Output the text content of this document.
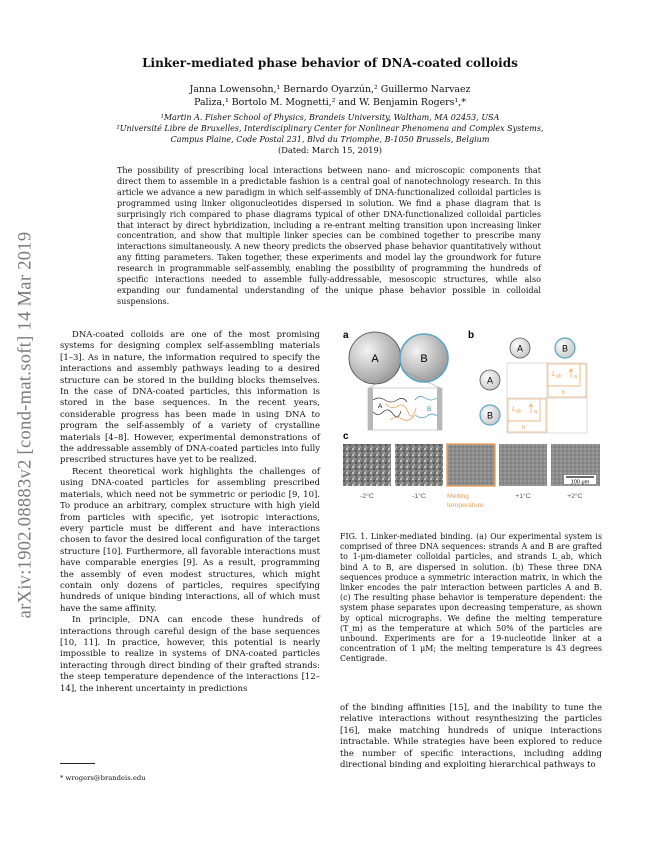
arXiv:1902.08883v2 [cond-mat.soft] 14 Mar 2019
Linker-mediated phase behavior of DNA-coated colloids
Janna Lowensohn,¹ Bernardo Oyarzún,² Guillermo Narvaez
Paliza,¹ Bortolo M. Mognetti,² and W. Benjamin Rogers¹,*
¹Martin A. Fisher School of Physics, Brandeis University, Waltham, MA 02453, USA
²Université Libre de Bruxelles, Interdisciplinary Center for Nonlinear Phenomena and Complex Systems,
Campus Plaine, Code Postal 231, Blvd du Triomphe, B-1050 Brussels, Belgium
(Dated: March 15, 2019)
The possibility of prescribing local interactions between nano- and microscopic components that direct them to assemble in a predictable fashion is a central goal of nanotechnology research. In this article we advance a new paradigm in which self-assembly of DNA-functionalized colloidal particles is programmed using linker oligonucleotides dispersed in solution. We find a phase diagram that is surprisingly rich compared to phase diagrams typical of other DNA-functionalized colloidal particles that interact by direct hybridization, including a re-entrant melting transition upon increasing linker concentration, and show that multiple linker species can be combined together to prescribe many interactions simultaneously. A new theory predicts the observed phase behavior quantitatively without any fitting parameters. Taken together, these experiments and model lay the groundwork for future research in programmable self-assembly, enabling the possibility of programming the hundreds of specific interactions needed to assemble fully-addressable, mesoscopic structures, while also expanding our fundamental understanding of the unique phase behavior possible in colloidal suspensions.

DNA-coated colloids are one of the most promising systems for designing complex self-assembling materials [1–3]. As in nature, the information required to specify the interactions and assembly pathways leading to a desired structure can be stored in the building blocks themselves. In the case of DNA-coated particles, this information is stored in the base sequences. In the recent years, considerable progress has been made in using DNA to program the self-assembly of a variety of crystalline materials [4–8]. However, experimental demonstrations of the addressable assembly of DNA-coated particles into fully prescribed structures have yet to be realized.

Recent theoretical work highlights the challenges of using DNA-coated particles for assembling prescribed materials, which need not be symmetric or periodic [9, 10]. To produce an arbitrary, complex structure with high yield from particles with specific, yet isotropic interactions, every particle must be different and have interactions chosen to favor the desired local configuration of the target structure [10]. Furthermore, all favorable interactions must have comparable energies [9]. As a result, programming the assembly of even modest structures, which might contain only dozens of particles, requires specifying hundreds of unique binding interactions, all of which must have the same affinity.

In principle, DNA can encode these hundreds of interactions through careful design of the base sequences [10, 11]. In practice, however, this potential is nearly impossible to realize in systems of DNA-coated particles interacting through direct binding of their grafted strands: the steep temperature dependence of the interactions [12–14], the inherent uncertainty in predictions

* wrogers@brandeis.edu
a
A	B
A	B
b
A	B
A
B
$L_{ab}$ a
b
$L_{ab}$ a
b
c
100 μm
-2°C	-1°C	Melting
temperature
+1°C	+2°C
FIG. 1. Linker-mediated binding. (a) Our experimental system is comprised of three DNA sequences: strands A and B are grafted to 1-μm-diameter colloidal particles, and strands L_ab, which bind A to B, are dispersed in solution. (b) These three DNA sequences produce a symmetric interaction matrix, in which the linker encodes the pair interaction between particles A and B. (c) The resulting phase behavior is temperature dependent: the system phase separates upon decreasing temperature, as shown by optical micrographs. We define the melting temperature (T_m) as the temperature at which 50% of the particles are unbound. Experiments are for a 19-nucleotide linker at a concentration of 1 μM; the melting temperature is 43 degrees Centigrade.
of the binding affinities [15], and the inability to tune the relative interactions without resynthesizing the particles [16], make matching hundreds of unique interactions intractable. While strategies have been explored to reduce the number of specific interactions, including adding directional binding and exploiting hierarchical pathways to
